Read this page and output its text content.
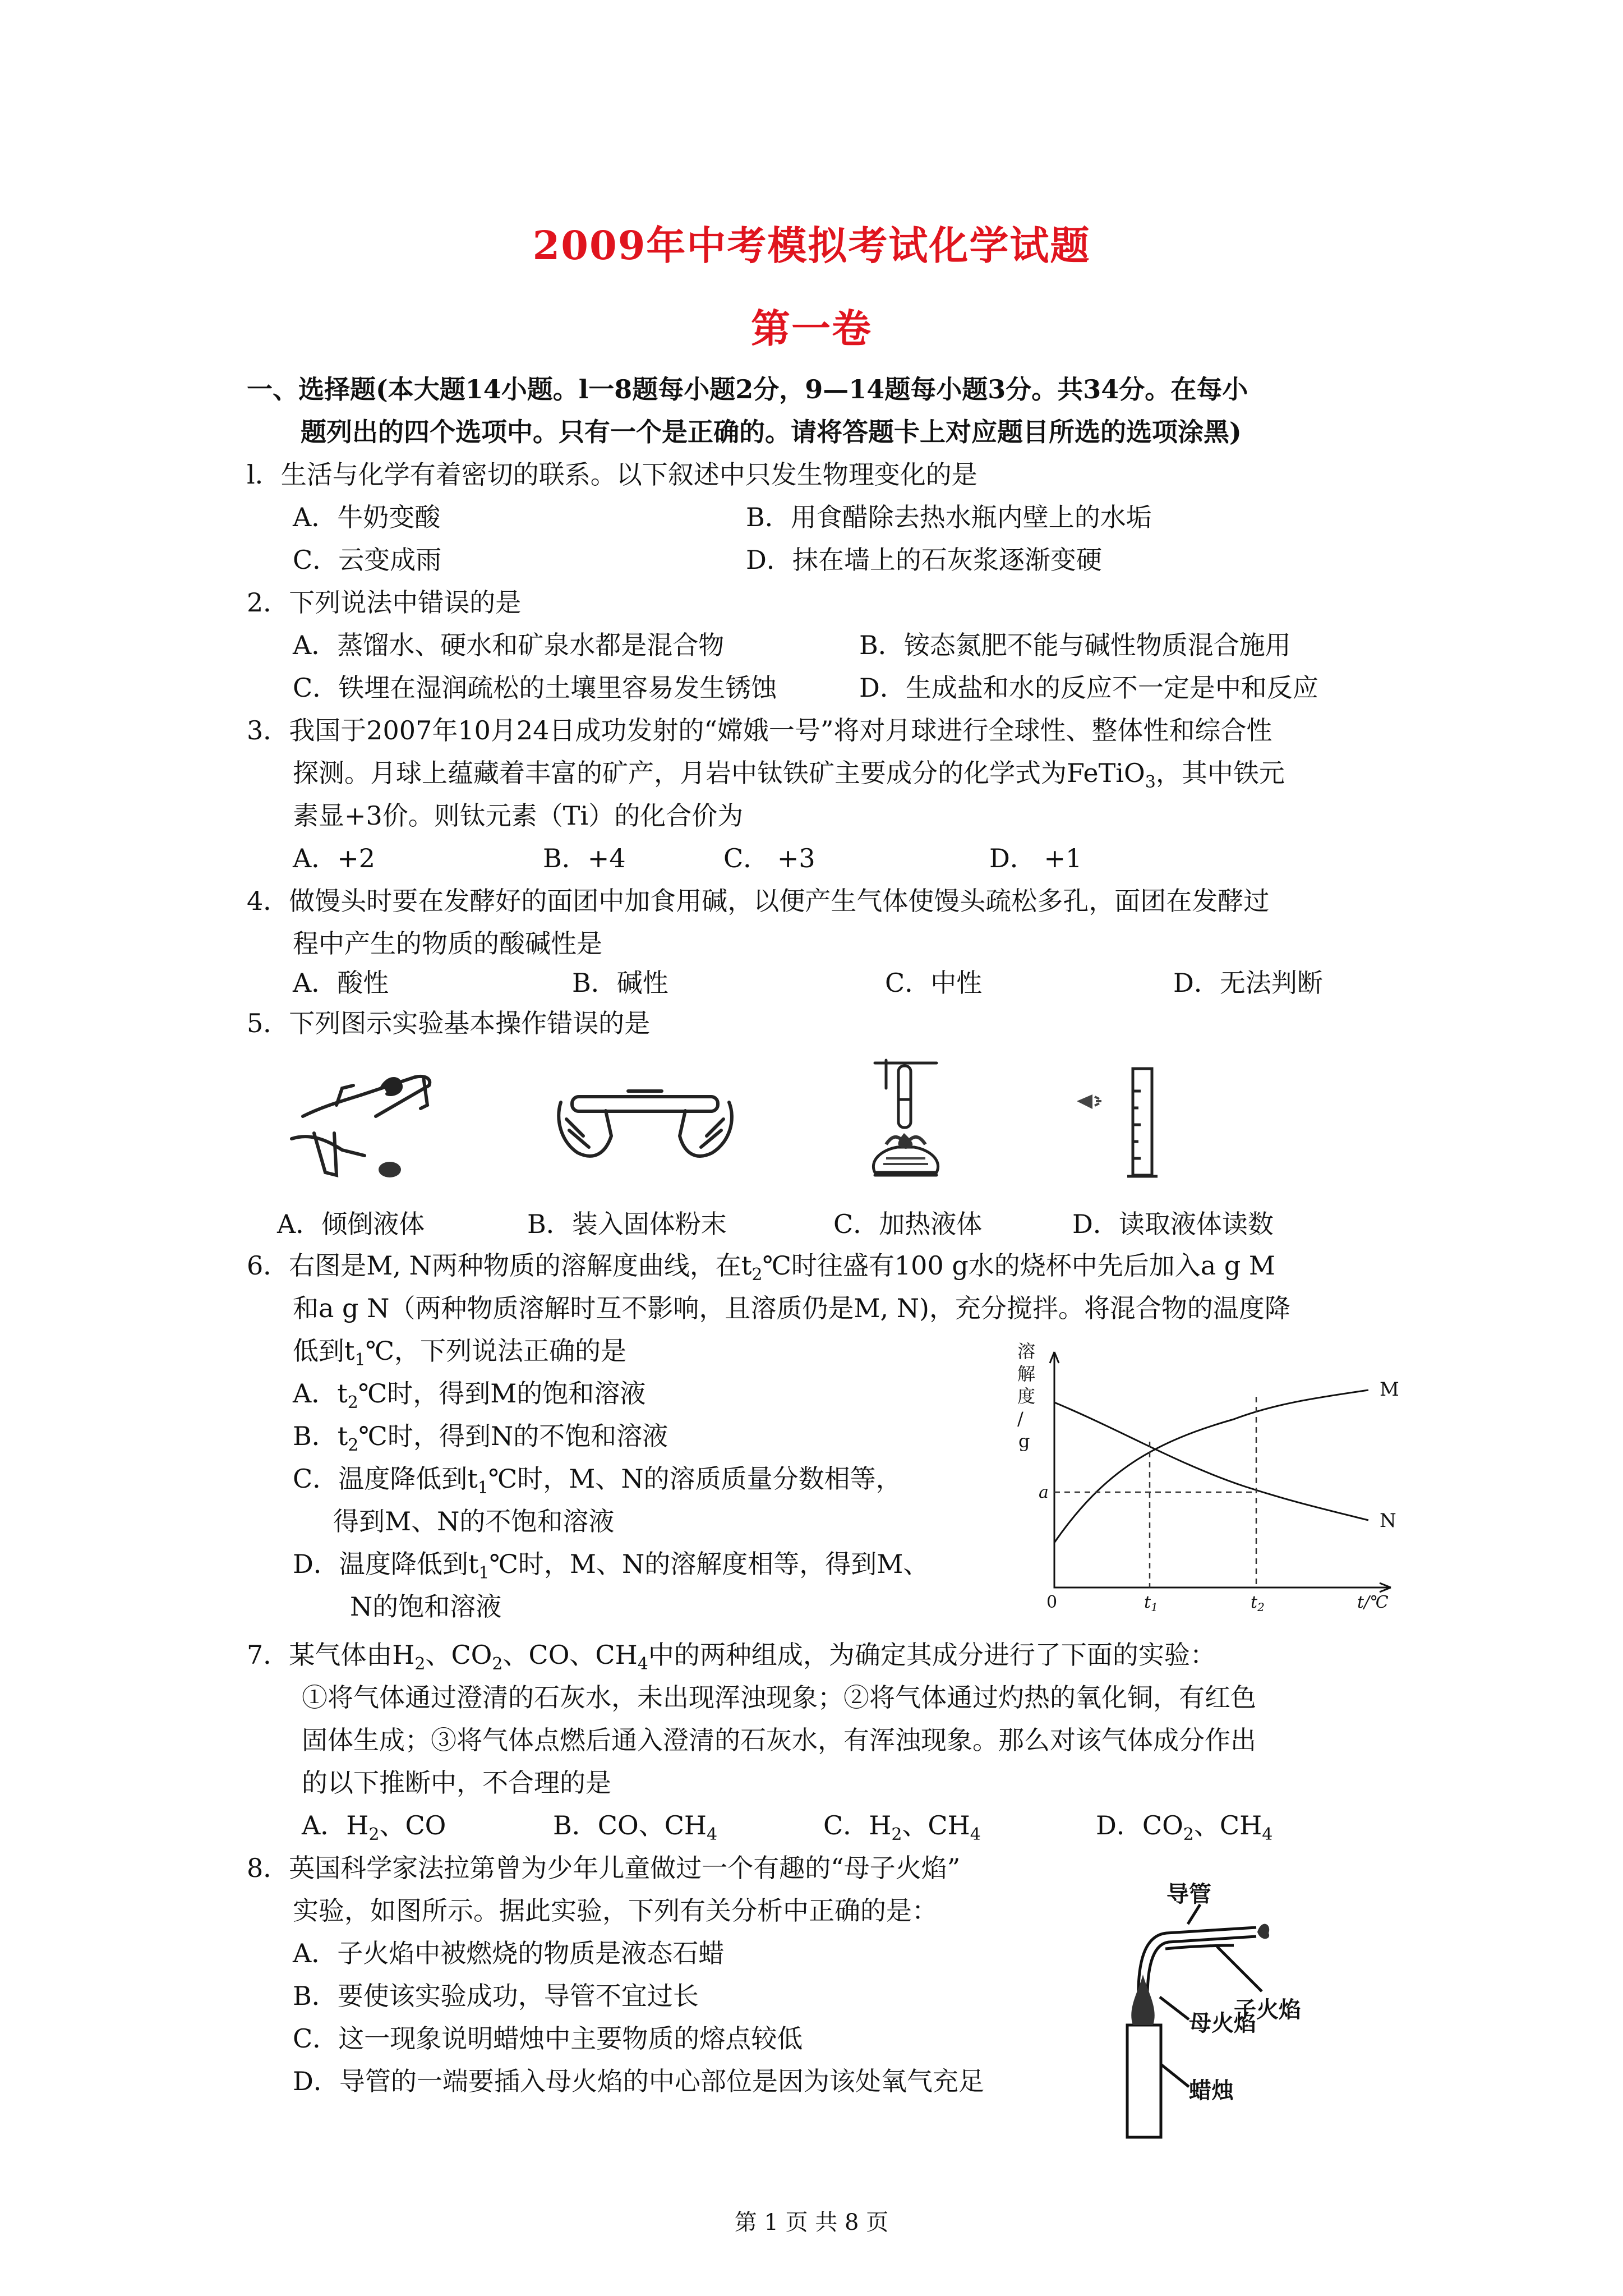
2009年中考模拟考试化学试题
第一卷
一、选择题(本大题14小题。l一8题每小题2分，9—14题每小题3分。共34分。在每小
题列出的四个选项中。只有一个是正确的。请将答题卡上对应题目所选的选项涂黑)
l．生活与化学有着密切的联系。以下叙述中只发生物理变化的是
A．牛奶变酸	B．用食醋除去热水瓶内壁上的水垢
C．云变成雨	D．抹在墙上的石灰浆逐渐变硬
2．下列说法中错误的是
A．蒸馏水、硬水和矿泉水都是混合物	B．铵态氮肥不能与碱性物质混合施用
C．铁埋在湿润疏松的土壤里容易发生锈蚀	D．生成盐和水的反应不一定是中和反应
3．我国于2007年10月24日成功发射的“嫦娥一号”将对月球进行全球性、整体性和综合性
探测。月球上蕴藏着丰富的矿产，月岩中钛铁矿主要成分的化学式为FeTiO$_3$，其中铁元
素显+3价。则钛元素（Ti）的化合价为
A．+2	B．+4	C． +3	D． +1
4．做馒头时要在发酵好的面团中加食用碱，以便产生气体使馒头疏松多孔，面团在发酵过
程中产生的物质的酸碱性是
A．酸性	B．碱性	C．中性	D．无法判断
5．下列图示实验基本操作错误的是
A．倾倒液体	B．装入固体粉末	C．加热液体	D．读取液体读数
6．右图是M, N两种物质的溶解度曲线，在$t_2℃$时往盛有100 g水的烧杯中先后加入a g M
和a g N（两种物质溶解时互不影响，且溶质仍是M, N)，充分搅拌。将混合物的温度降
低到$t_1℃$，下列说法正确的是
A．$t_2℃$时，得到M的饱和溶液
B．$t_2℃$时，得到N的不饱和溶液
C．温度降低到$t_1℃$时，M、N的溶质质量分数相等，
得到M、N的不饱和溶液
D．温度降低到$t_1℃$时，M、N的溶解度相等，得到M、
N的饱和溶液
溶
解
度
∕
g
M
N
a
0	$t_1$	$t_2$	t/℃
7．某气体由$H_2$、$CO_2$、CO、$CH_4$中的两种组成，为确定其成分进行了下面的实验：
①将气体通过澄清的石灰水，未出现浑浊现象；②将气体通过灼热的氧化铜，有红色
固体生成；③将气体点燃后通入澄清的石灰水，有浑浊现象。那么对该气体成分作出
的以下推断中，不合理的是
A．$H_2$、CO	B．CO、$CH_4$	C．$H_2$、$CH_4$	D．$CO_2$、$CH_4$
8．英国科学家法拉第曾为少年儿童做过一个有趣的“母子火焰”
实验，如图所示。据此实验，下列有关分析中正确的是：
A．子火焰中被燃烧的物质是液态石蜡
B．要使该实验成功，导管不宜过长
C．这一现象说明蜡烛中主要物质的熔点较低
D．导管的一端要插入母火焰的中心部位是因为该处氧气充足
导管
子火焰
母火焰
蜡烛
第 1 页 共 8 页
